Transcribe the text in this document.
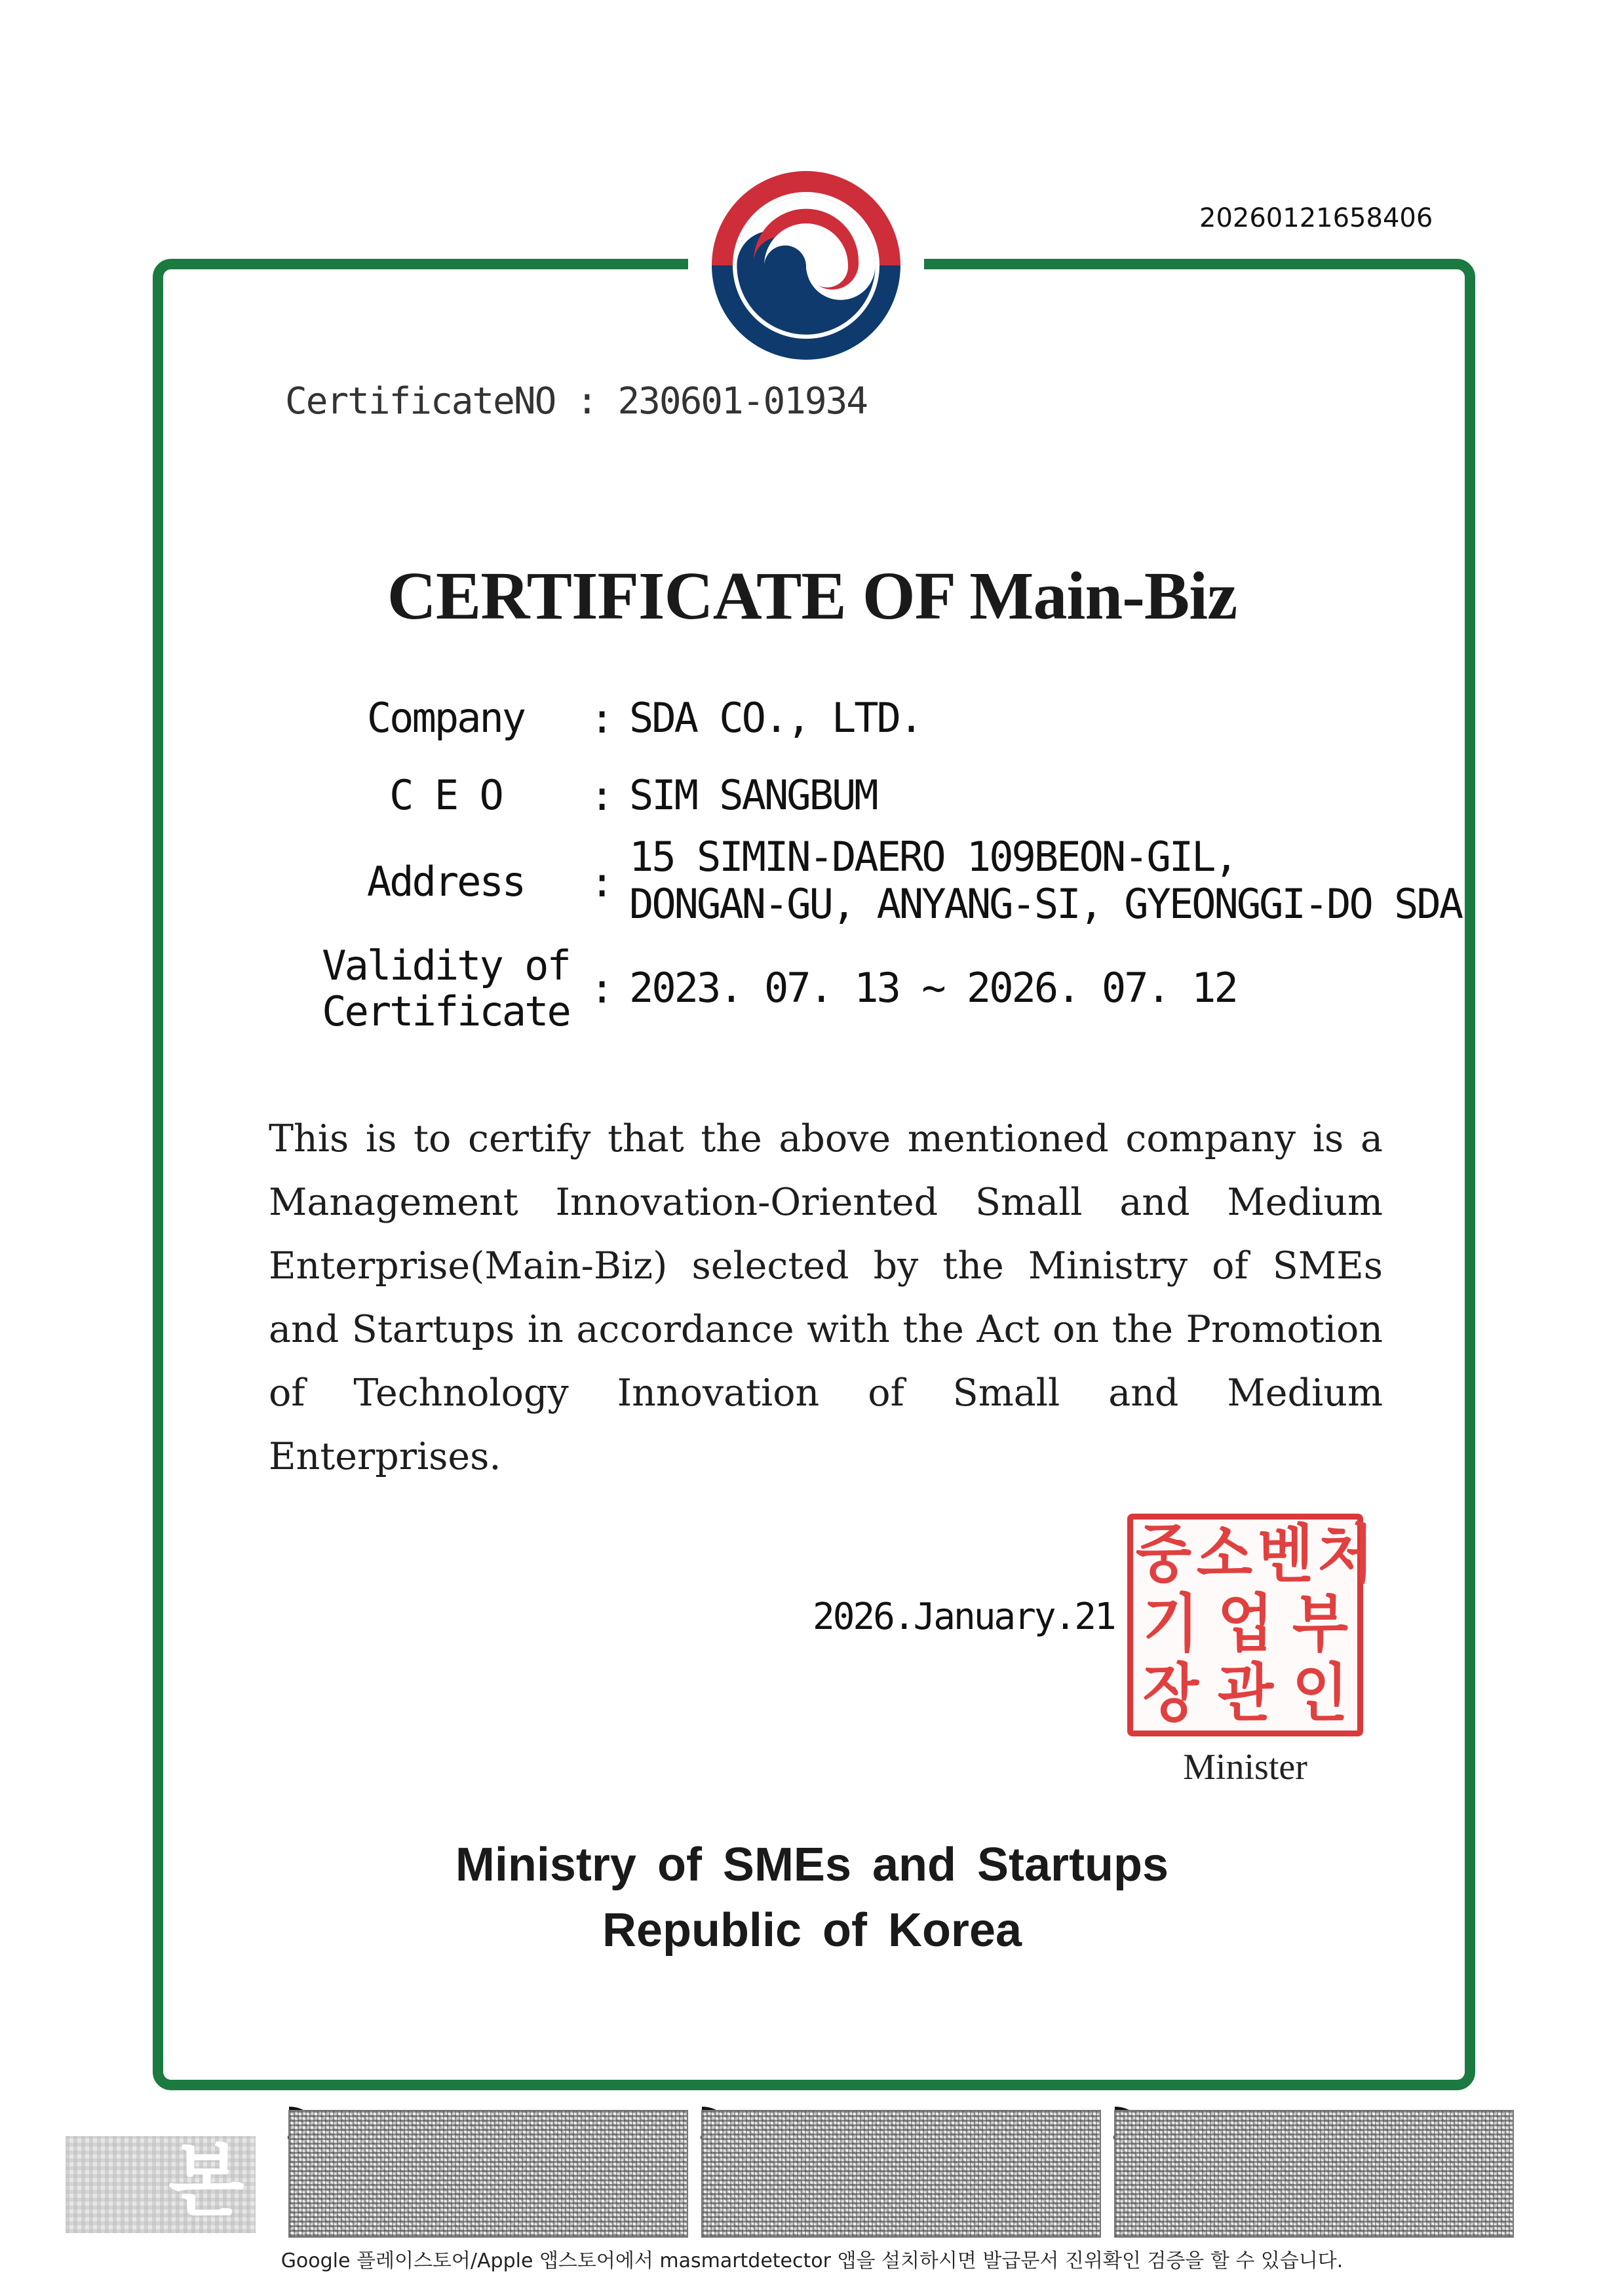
20260121658406
CertificateNO : 230601-01934
CERTIFICATE OF Main-Biz
Company	: SDA CO., LTD.
C E O	: SIM SANGBUM
Address	:
15 SIMIN-DAERO 109BEON-GIL,
DONGAN-GU, ANYANG-SI, GYEONGGI-DO SDA
Validity of
Certificate : 2023. 07. 13 ~ 2026. 07. 12
This is to certify that the above mentioned company is a Management Innovation-Oriented Small and Medium Enterprise(Main-Biz) selected by the Ministry of SMEs and Startups in accordance with the Act on the Promotion of Technology Innovation of Small and Medium Enterprises.
2026.January.21
중 소 벤 처
기 업 부
장 관 인
Minister
Ministry of SMEs and Startups
Republic of Korea
본
Google 플레이스토어/Apple 앱스토어에서 masmartdetector 앱을 설치하시면 발급문서 진위확인 검증을 할 수 있습니다.
